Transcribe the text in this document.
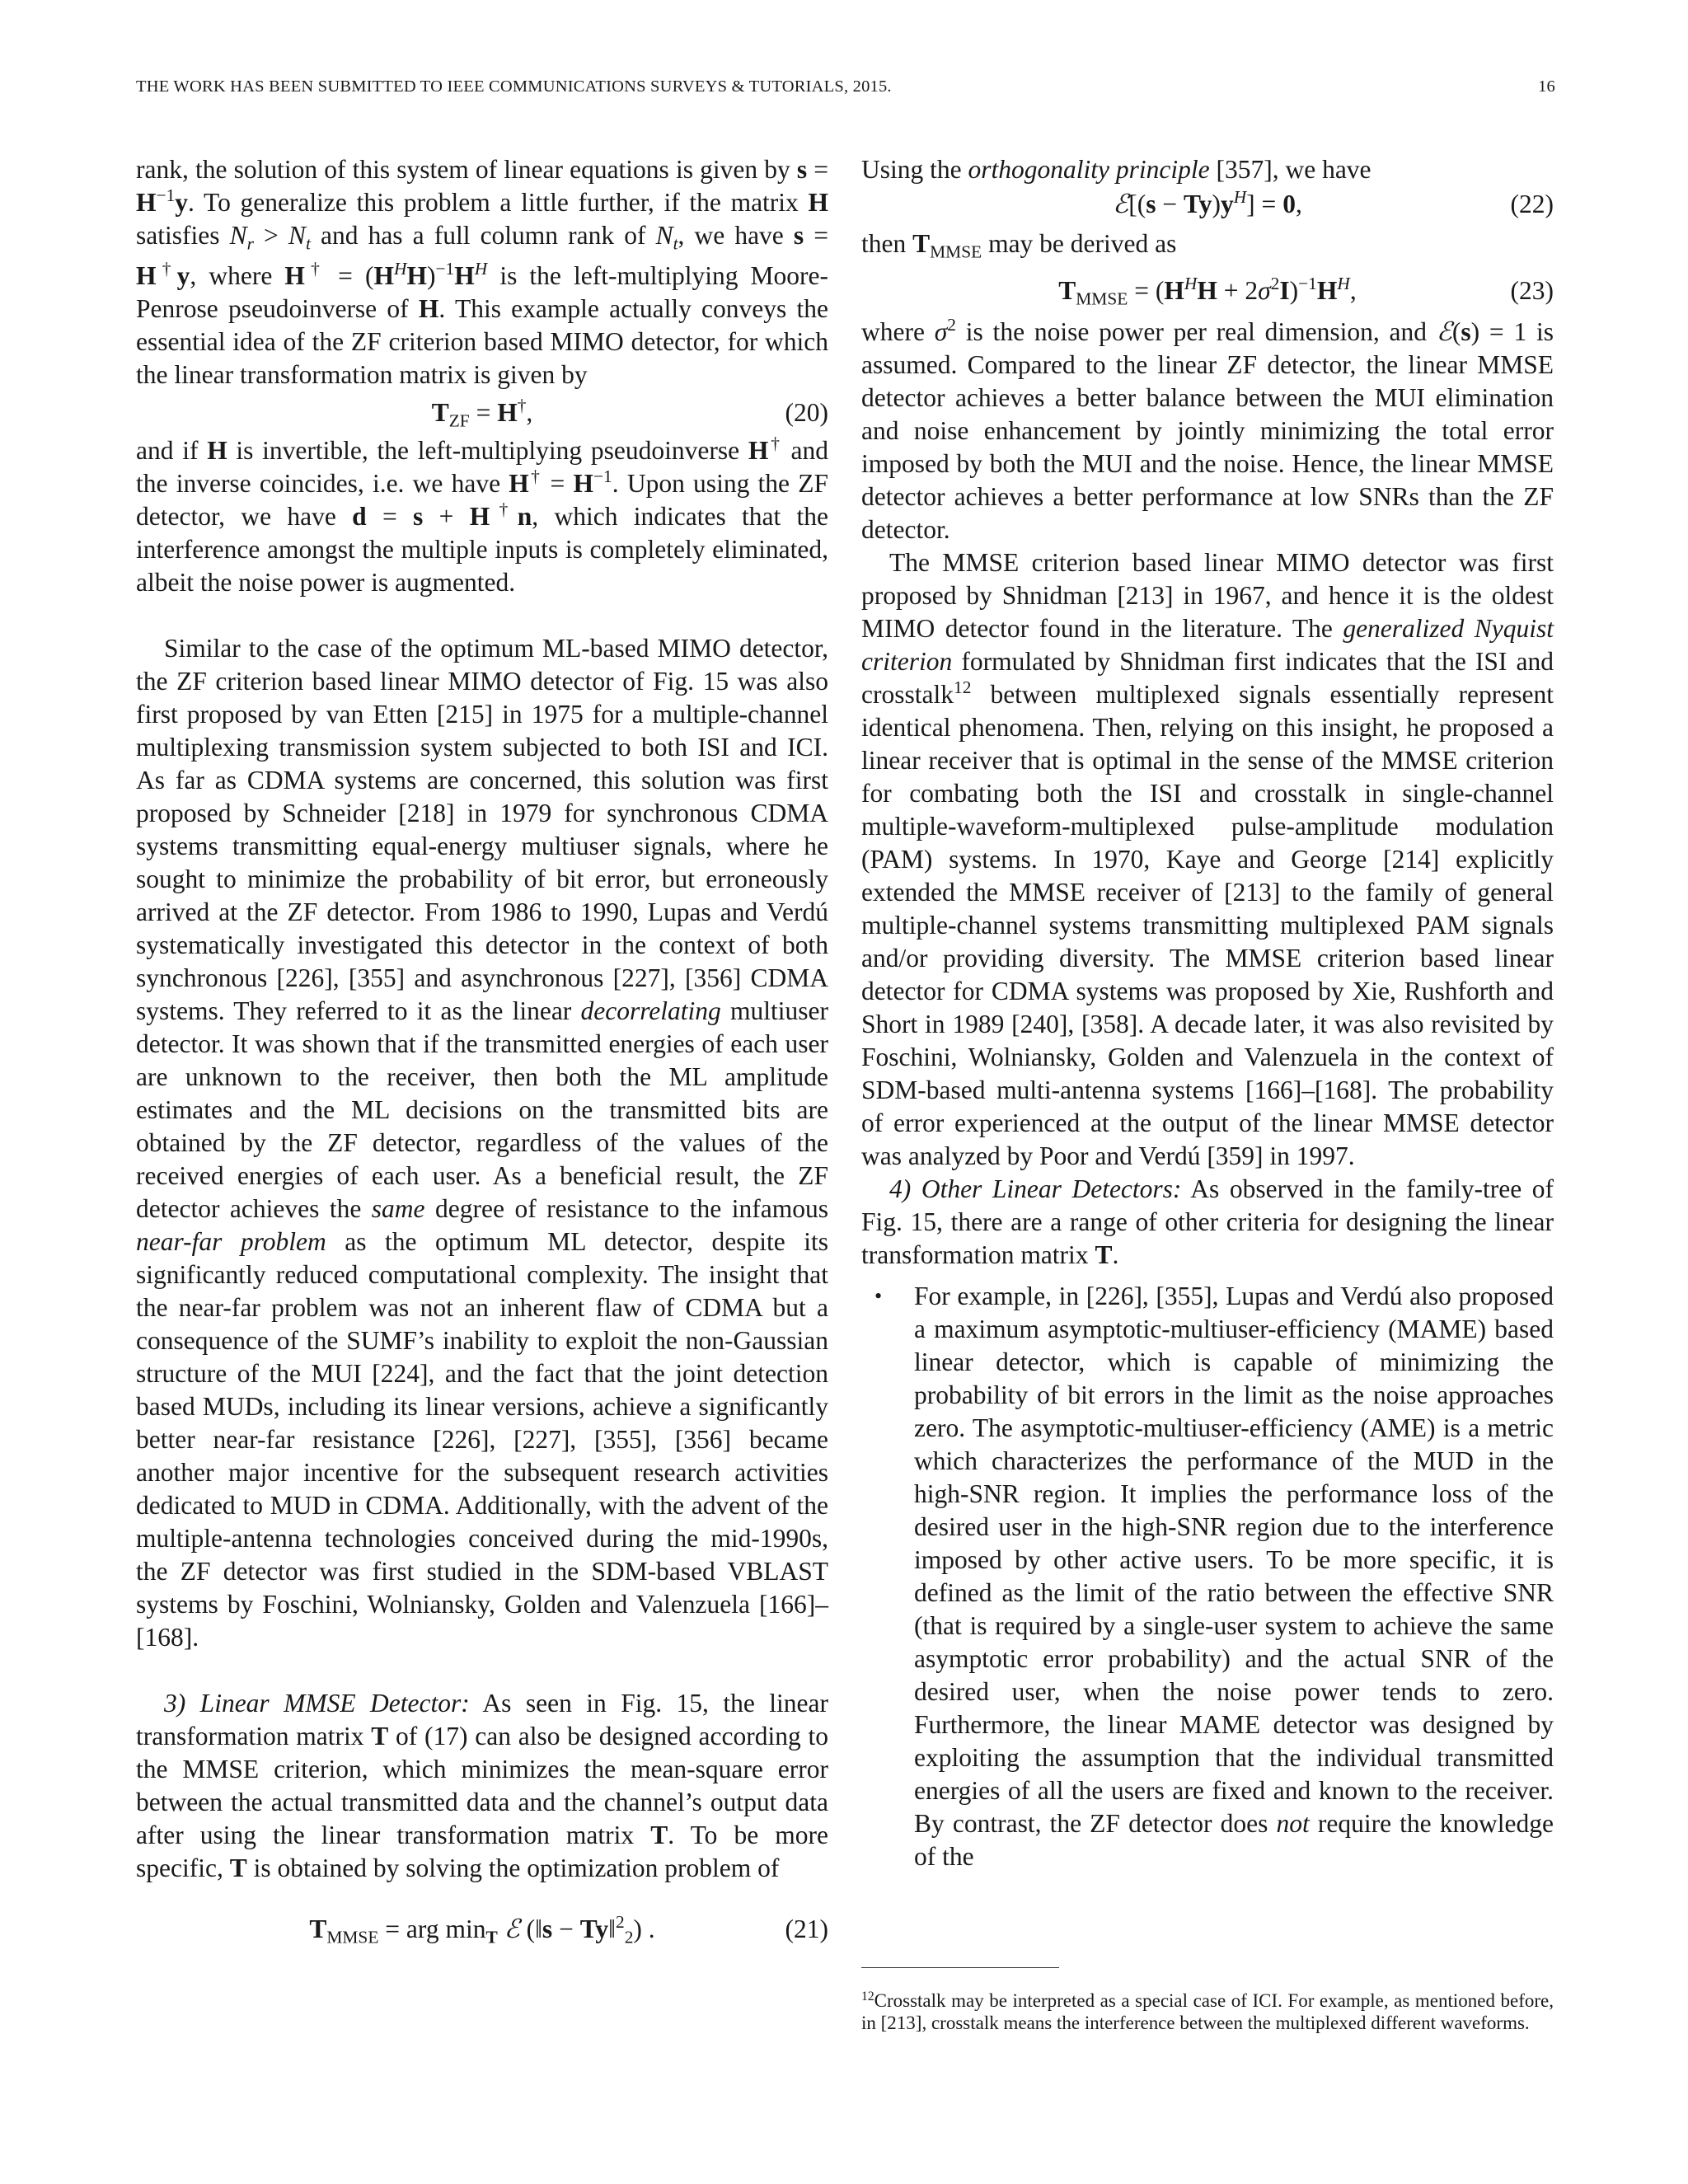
THE WORK HAS BEEN SUBMITTED TO IEEE COMMUNICATIONS SURVEYS & TUTORIALS, 2015.	16

rank, the solution of this system of linear equations is given by $s = H^{-1}y$. To generalize this problem a little further, if the matrix H satisfies $N_r > N_t$ and has a full column rank of $N_t$, we have s = H†y, where $H^\dagger = (H^HH)^{-1}H^H$ is the left-multiplying Moore-Penrose pseudoinverse of H. This example actually conveys the essential idea of the ZF criterion based MIMO detector, for which the linear transformation matrix is given by

$T_{ZF} = H^\dagger$,	(20)

and if H is invertible, the left-multiplying pseudoinverse H† and the inverse coincides, i.e. we have $H^\dagger = H^{-1}$. Upon using the ZF detector, we have d = s + H†n, which indicates that the interference amongst the multiple inputs is completely eliminated, albeit the noise power is augmented.

Similar to the case of the optimum ML-based MIMO detector, the ZF criterion based linear MIMO detector of Fig. 15 was also first proposed by van Etten [215] in 1975 for a multiple-channel multiplexing transmission system subjected to both ISI and ICI. As far as CDMA systems are concerned, this solution was first proposed by Schneider [218] in 1979 for synchronous CDMA systems transmitting equal-energy multiuser signals, where he sought to minimize the probability of bit error, but erroneously arrived at the ZF detector. From 1986 to 1990, Lupas and Verdú systematically investigated this detector in the context of both synchronous [226], [355] and asynchronous [227], [356] CDMA systems. They referred to it as the linear decorrelating multiuser detector. It was shown that if the transmitted energies of each user are unknown to the receiver, then both the ML amplitude estimates and the ML decisions on the transmitted bits are obtained by the ZF detector, regardless of the values of the received energies of each user. As a beneficial result, the ZF detector achieves the same degree of resistance to the infamous near-far problem as the optimum ML detector, despite its significantly reduced computational complexity. The insight that the near-far problem was not an inherent flaw of CDMA but a consequence of the SUMF’s inability to exploit the non-Gaussian structure of the MUI [224], and the fact that the joint detection based MUDs, including its linear versions, achieve a significantly better near-far resistance [226], [227], [355], [356] became another major incentive for the subsequent research activities dedicated to MUD in CDMA. Additionally, with the advent of the multiple-antenna technologies conceived during the mid-1990s, the ZF detector was first studied in the SDM-based VBLAST systems by Foschini, Wolniansky, Golden and Valenzuela [166]–[168].

3) Linear MMSE Detector: As seen in Fig. 15, the linear transformation matrix T of (17) can also be designed according to the MMSE criterion, which minimizes the mean-square error between the actual transmitted data and the channel’s output data after using the linear transformation matrix T. To be more specific, T is obtained by solving the optimization problem of

$T_{MMSE}$ = arg $\min_T$ ℰ (‖s − Ty‖$^2_2$) .	(21)

Using the orthogonality principle [357], we have

ℰ[(s − $Ty)y^H] = 0$,	(22)

then $T_{MMSE}$ may be derived as

$T_{MMSE} = (H^HH + 2\sigma^2I)^{-1}H^H$,	(23)

where $\sigma^2$ is the noise power per real dimension, and ℰ(s) = 1 is assumed. Compared to the linear ZF detector, the linear MMSE detector achieves a better balance between the MUI elimination and noise enhancement by jointly minimizing the total error imposed by both the MUI and the noise. Hence, the linear MMSE detector achieves a better performance at low SNRs than the ZF detector.

The MMSE criterion based linear MIMO detector was first proposed by Shnidman [213] in 1967, and hence it is the oldest MIMO detector found in the literature. The generalized Nyquist criterion formulated by Shnidman first indicates that the ISI and crosstalk$^{12}$ between multiplexed signals essentially represent identical phenomena. Then, relying on this insight, he proposed a linear receiver that is optimal in the sense of the MMSE criterion for combating both the ISI and crosstalk in single-channel multiple-waveform-multiplexed pulse-amplitude modulation (PAM) systems. In 1970, Kaye and George [214] explicitly extended the MMSE receiver of [213] to the family of general multiple-channel systems transmitting multiplexed PAM signals and/or providing diversity. The MMSE criterion based linear detector for CDMA systems was proposed by Xie, Rushforth and Short in 1989 [240], [358]. A decade later, it was also revisited by Foschini, Wolniansky, Golden and Valenzuela in the context of SDM-based multi-antenna systems [166]–[168]. The probability of error experienced at the output of the linear MMSE detector was analyzed by Poor and Verdú [359] in 1997.

4) Other Linear Detectors: As observed in the family-tree of Fig. 15, there are a range of other criteria for designing the linear transformation matrix T.

• For example, in [226], [355], Lupas and Verdú also proposed a maximum asymptotic-multiuser-efficiency (MAME) based linear detector, which is capable of minimizing the probability of bit errors in the limit as the noise approaches zero. The asymptotic-multiuser-efficiency (AME) is a metric which characterizes the performance of the MUD in the high-SNR region. It implies the performance loss of the desired user in the high-SNR region due to the interference imposed by other active users. To be more specific, it is defined as the limit of the ratio between the effective SNR (that is required by a single-user system to achieve the same asymptotic error probability) and the actual SNR of the desired user, when the noise power tends to zero. Furthermore, the linear MAME detector was designed by exploiting the assumption that the individual transmitted energies of all the users are fixed and known to the receiver. By contrast, the ZF detector does not require the knowledge of the
$^{12}$Crosstalk may be interpreted as a special case of ICI. For example, as mentioned before, in [213], crosstalk means the interference between the multiplexed different waveforms.
